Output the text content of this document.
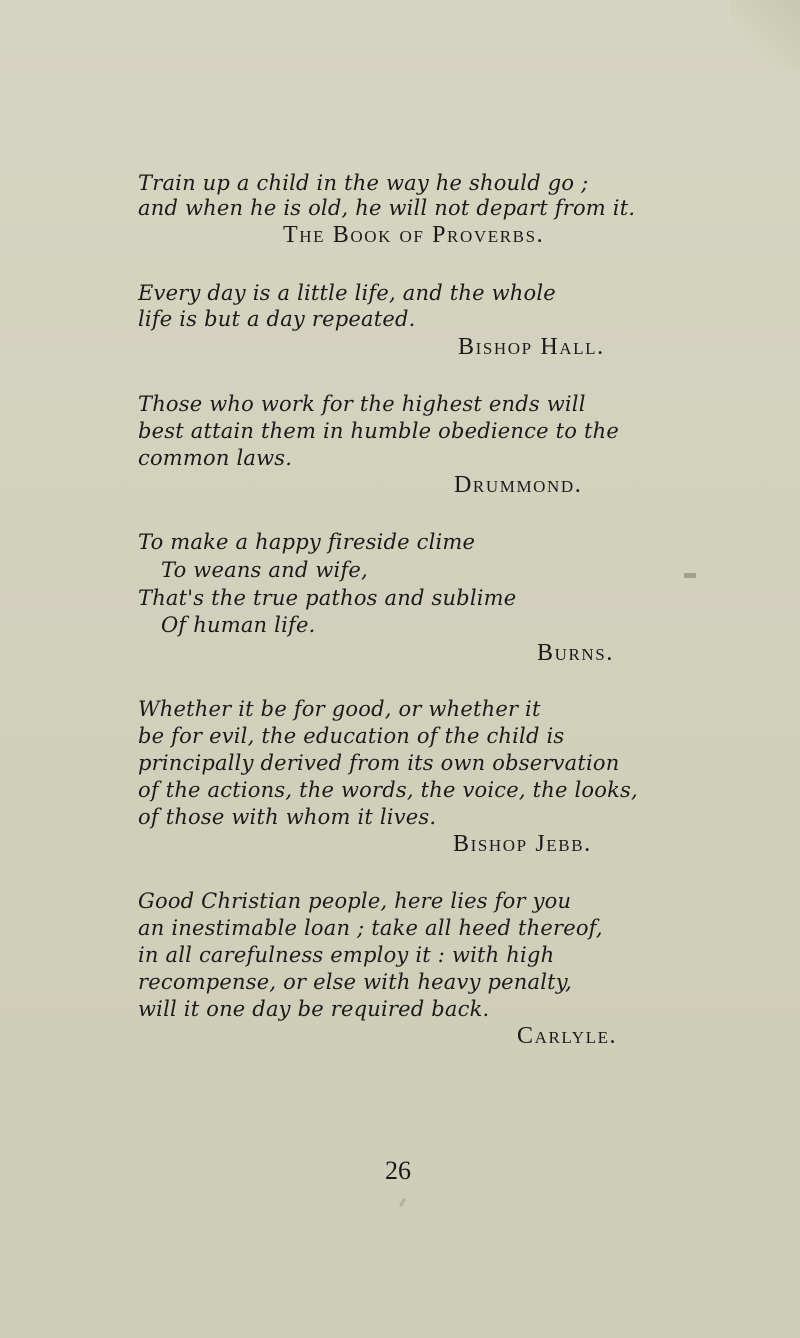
Train up a child in the way he should go ;
and when he is old, he will not depart from it.
The Book of Proverbs.
Every day is a little life, and the whole
life is but a day repeated.
Bishop Hall.
Those who work for the highest ends will
best attain them in humble obedience to the
common laws.
Drummond.
To make a happy fireside clime
To weans and wife,
That's the true pathos and sublime
Of human life.
Burns.
Whether it be for good, or whether it
be for evil, the education of the child is
principally derived from its own observation
of the actions, the words, the voice, the looks,
of those with whom it lives.
Bishop Jebb.
Good Christian people, here lies for you
an inestimable loan ; take all heed thereof,
in all carefulness employ it : with high
recompense, or else with heavy penalty,
will it one day be required back.
Carlyle.
26
